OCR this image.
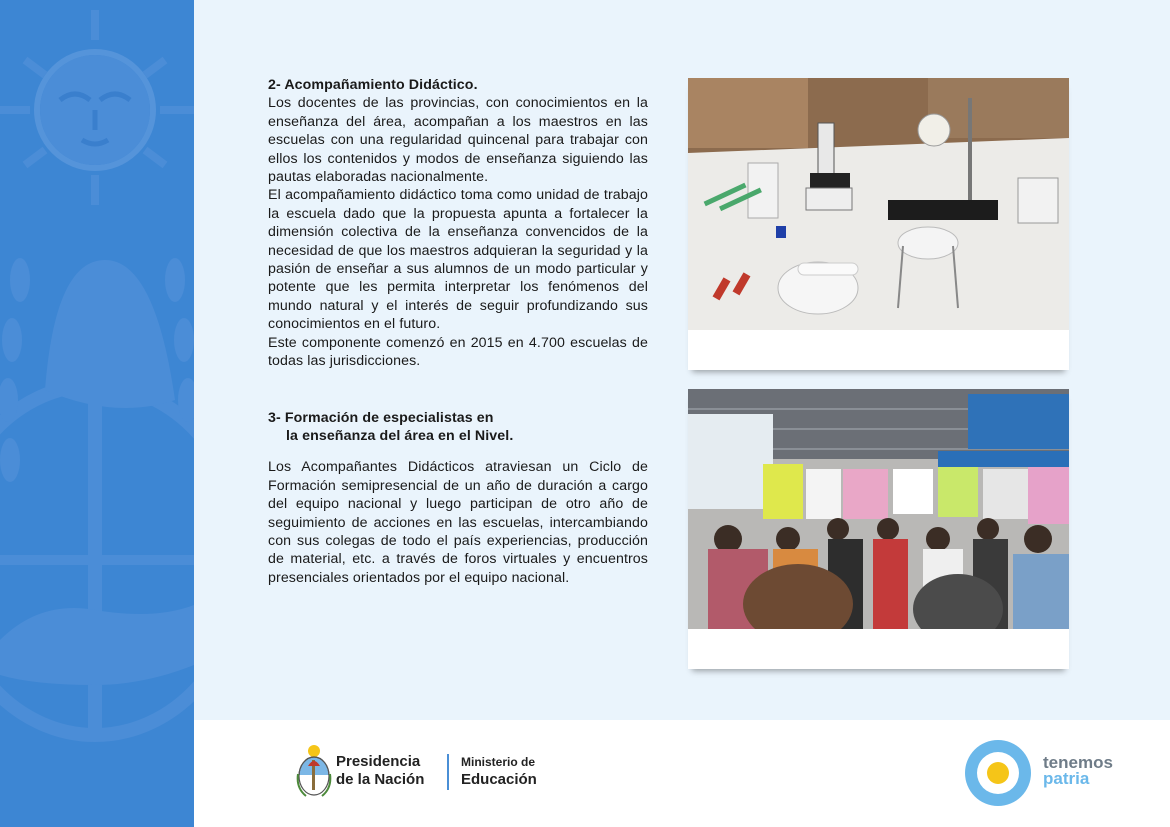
2- Acompañamiento Didáctico.

Los docentes de las provincias, con conocimientos en la enseñanza del área, acompañan a los maestros en las escuelas con una regularidad quincenal para trabajar con ellos los contenidos y modos de enseñanza siguiendo las pautas elaboradas nacionalmente.

El acompañamiento didáctico toma como unidad de trabajo la escuela dado que la propuesta apunta a fortalecer la dimensión colectiva de la enseñanza convencidos de la necesidad de que los maestros adquieran la seguridad y la pasión de enseñar a sus alumnos de un modo particular y potente que les permita interpretar los fenómenos del mundo natural y el interés de seguir profundizando sus conocimientos en el futuro.

Este componente comenzó en 2015 en 4.700 escuelas de todas las jurisdicciones.

3- Formación de especialistas en
la enseñanza del área en el Nivel.

Los Acompañantes Didácticos atraviesan un Ciclo de Formación semipresencial de un año de duración a cargo del equipo nacional y luego participan de otro año de seguimiento de acciones en las escuelas, intercambiando con sus colegas de todo el país experiencias, producción de material, etc. a través de foros virtuales y encuentros presenciales orientados por el equipo nacional.

Presidencia
de la Nación
Ministerio de
Educación
tenemos
patria
